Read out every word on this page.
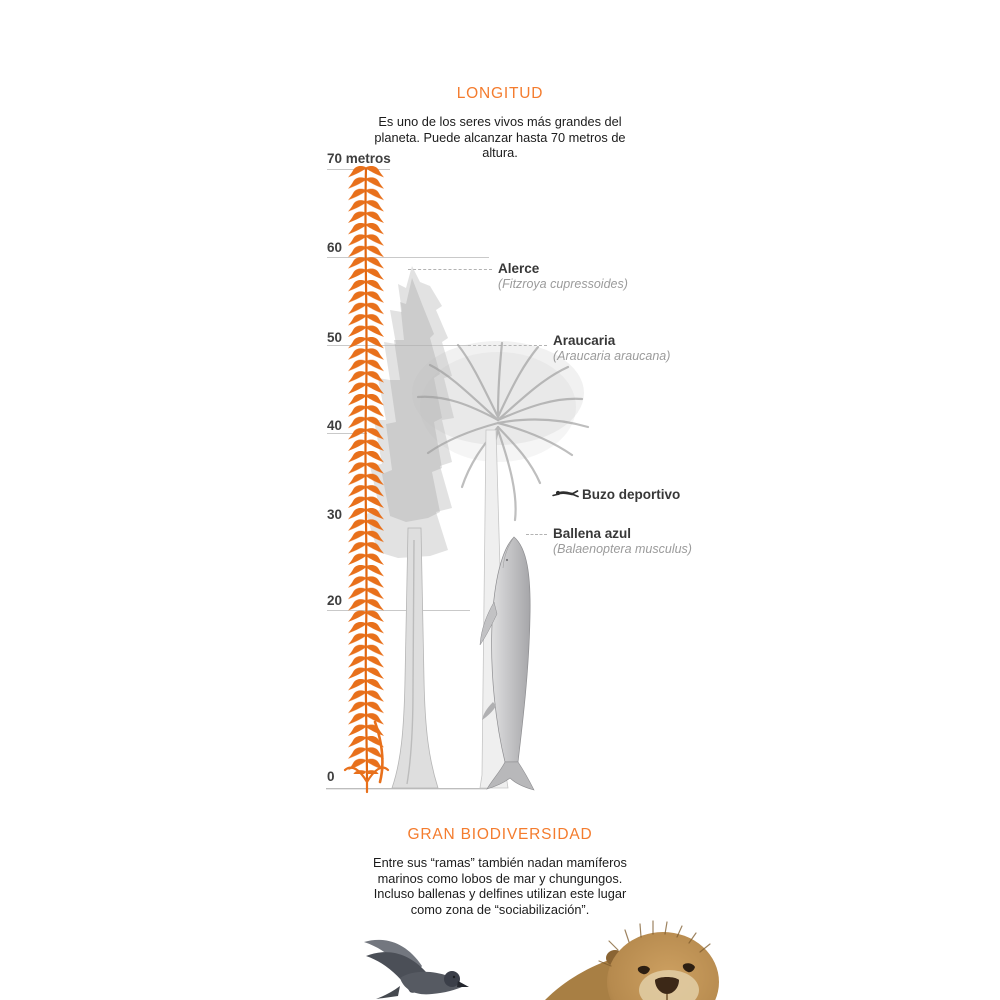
LONGITUD
Es uno de los seres vivos más grandes del planeta. Puede alcanzar hasta 70 metros de altura.
70 metros
60
50
40
30
20
0
Alerce
(Fitzroya cupressoides)
Araucaria
(Araucaria araucana)
Buzo deportivo
Ballena azul
(Balaenoptera musculus)
GRAN BIODIVERSIDAD
Entre sus “ramas” también nadan mamíferos marinos como lobos de mar y chungungos. Incluso ballenas y delfines utilizan este lugar como zona de “sociabilización”.
